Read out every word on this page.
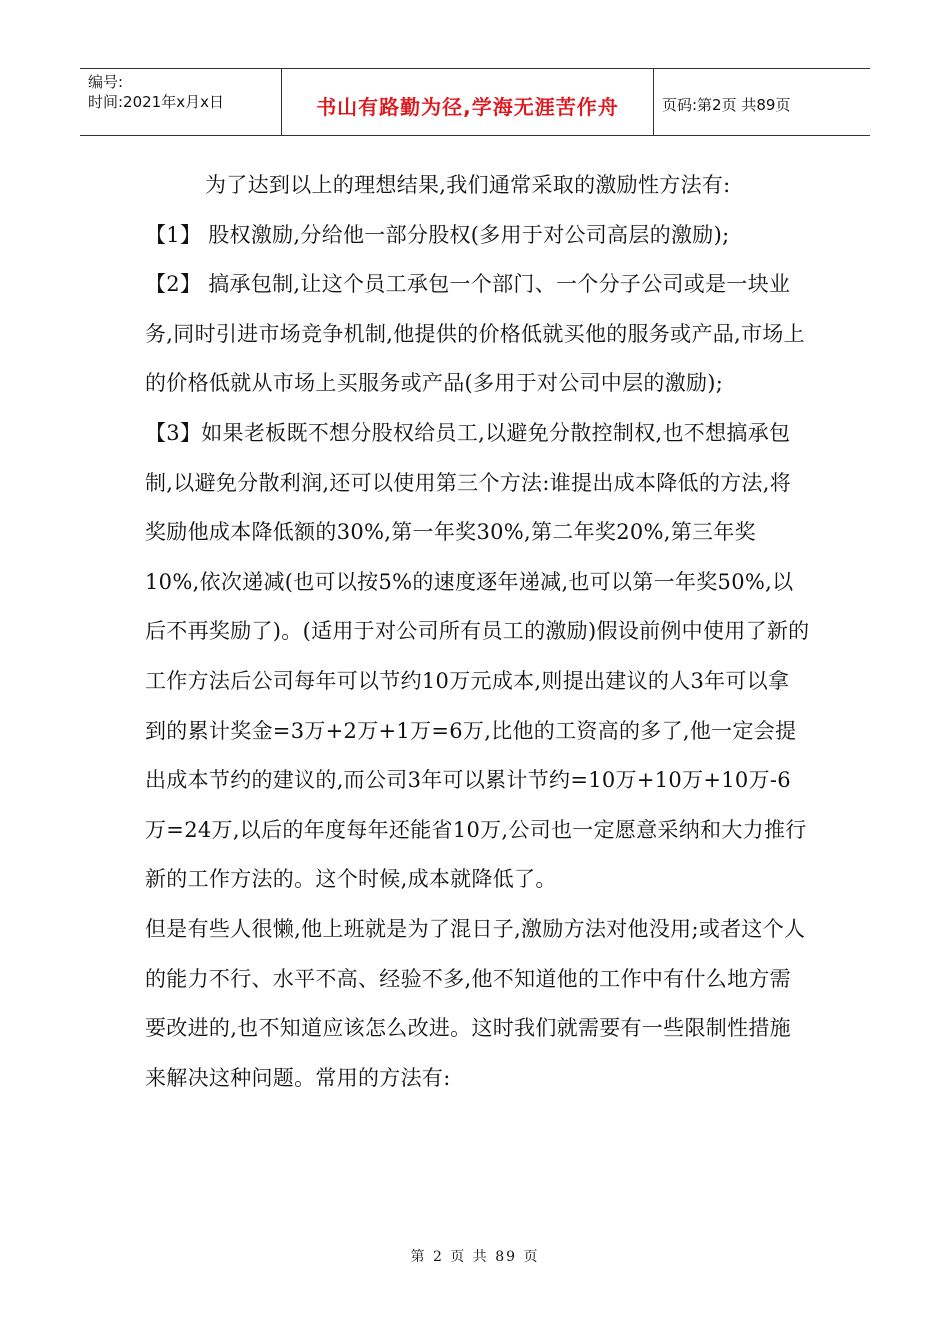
编号:
时间:2021年x月x日	书山有路勤为径,学海无涯苦作舟	页码:第2页 共89页

为了达到以上的理想结果,我们通常采取的激励性方法有:

【1】 股权激励,分给他一部分股权(多用于对公司高层的激励);

【2】 搞承包制,让这个员工承包一个部门、一个分子公司或是一块业务,同时引进市场竞争机制,他提供的价格低就买他的服务或产品,市场上的价格低就从市场上买服务或产品(多用于对公司中层的激励);

【3】如果老板既不想分股权给员工,以避免分散控制权,也不想搞承包制,以避免分散利润,还可以使用第三个方法:谁提出成本降低的方法,将奖励他成本降低额的30%,第一年奖30%,第二年奖20%,第三年奖10%,依次递减(也可以按5%的速度逐年递减,也可以第一年奖50%,以后不再奖励了)。(适用于对公司所有员工的激励)假设前例中使用了新的工作方法后公司每年可以节约10万元成本,则提出建议的人3年可以拿到的累计奖金=3万+2万+1万=6万,比他的工资高的多了,他一定会提出成本节约的建议的,而公司3年可以累计节约=10万+10万+10万-6万=24万,以后的年度每年还能省10万,公司也一定愿意采纳和大力推行新的工作方法的。这个时候,成本就降低了。

但是有些人很懒,他上班就是为了混日子,激励方法对他没用;或者这个人的能力不行、水平不高、经验不多,他不知道他的工作中有什么地方需要改进的,也不知道应该怎么改进。这时我们就需要有一些限制性措施来解决这种问题。常用的方法有:

第 2 页 共 89 页
